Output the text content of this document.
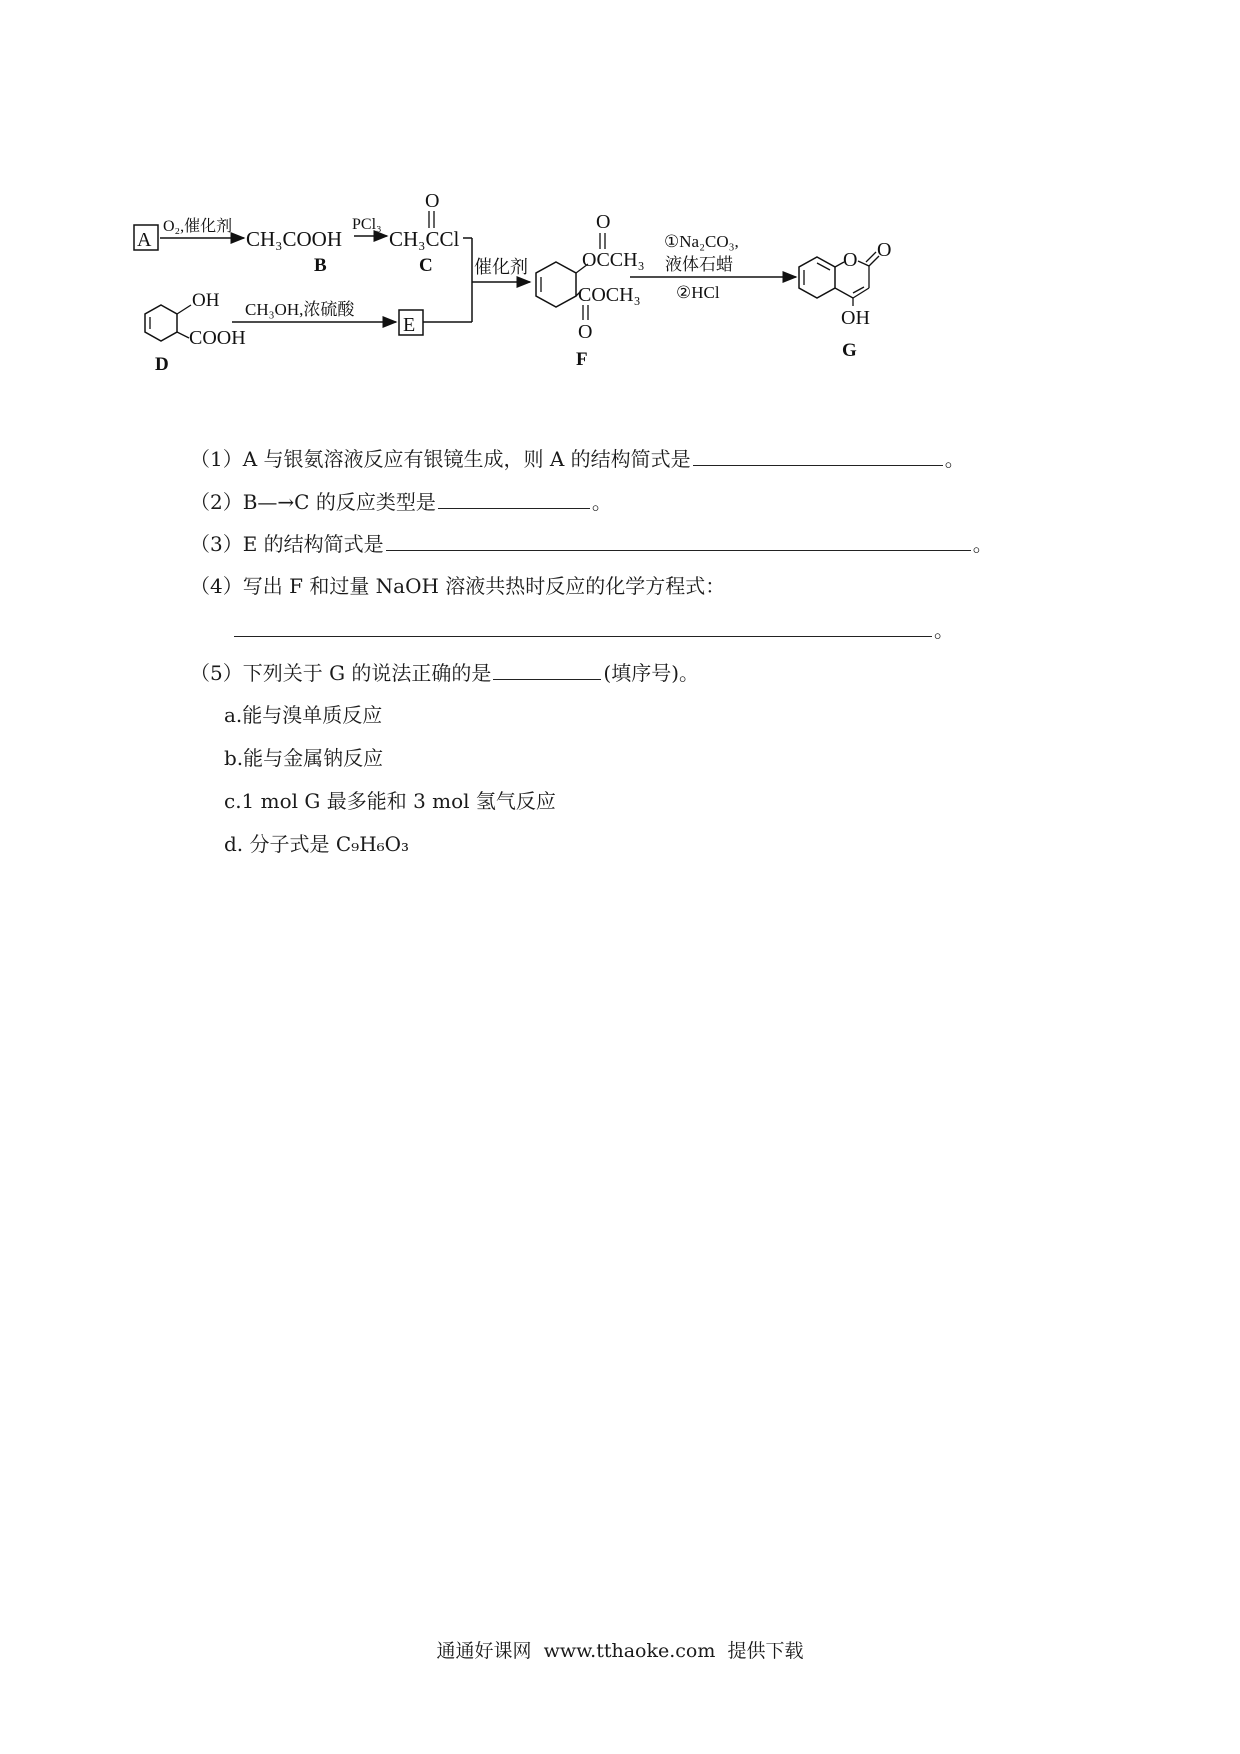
A
O₂,催化剂
CH₃COOH
B
PCl₃
O
CH₃CCl
C 催化剂
OH
COOH
D
CH₃OH,浓硫酸
E
O
OCCH₃
COCH₃
O
F
①Na₂CO₃,
液体石蜡
②HCl
O O
OH
G
（1）A 与银氨溶液反应有银镜生成，则 A 的结构简式是	。
（2）B—→C 的反应类型是	。
（3）E 的结构简式是	。
（4）写出 F 和过量 NaOH 溶液共热时反应的化学方程式：
。
（5）下列关于 G 的说法正确的是	(填序号)。
a.能与溴单质反应
b.能与金属钠反应
c.1 mol G 最多能和 3 mol 氢气反应
d. 分子式是 C₉H₆O₃
通通好课网  www.tthaoke.com  提供下载
